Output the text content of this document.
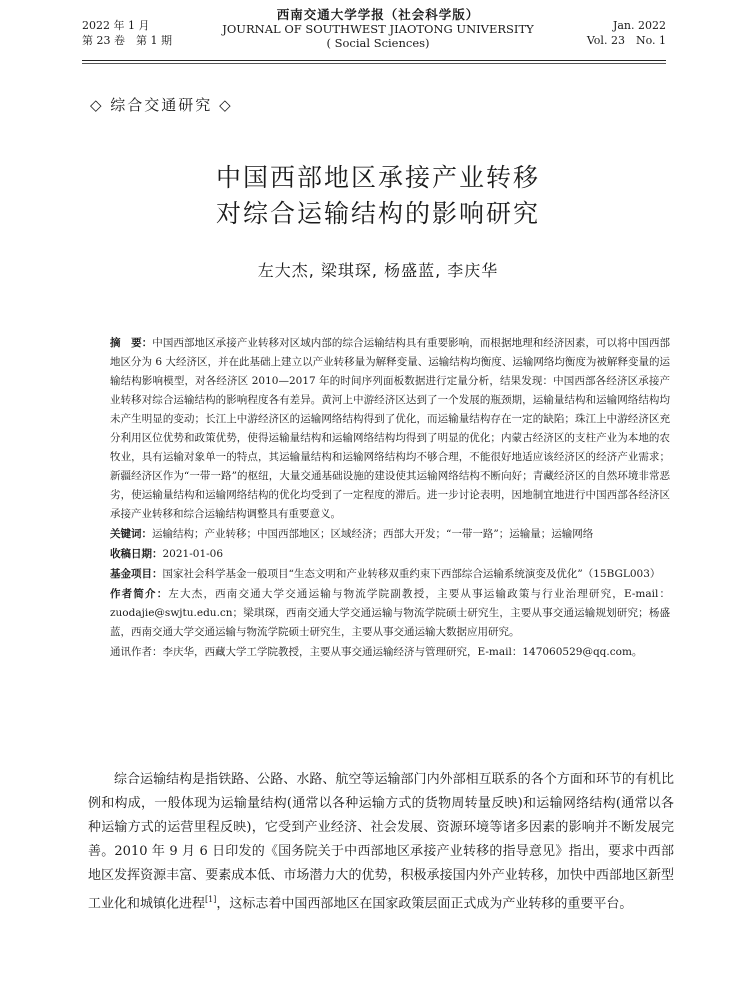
2022 年 1 月
第 23 卷　第 1 期
西南交通大学学报（社会科学版）
JOURNAL OF SOUTHWEST JIAOTONG UNIVERSITY
( Social Sciences)
Jan. 2022
Vol. 23　No. 1
◇ 综合交通研究 ◇
中国西部地区承接产业转移
对综合运输结构的影响研究
左大杰, 梁琪琛, 杨盛蓝, 李庆华

摘　要：中国西部地区承接产业转移对区域内部的综合运输结构具有重要影响，而根据地理和经济因素，可以将中国西部地区分为 6 大经济区，并在此基础上建立以产业转移量为解释变量、运输结构均衡度、运输网络均衡度为被解释变量的运输结构影响模型，对各经济区 2010—2017 年的时间序列面板数据进行定量分析，结果发现：中国西部各经济区承接产业转移对综合运输结构的影响程度各有差异。黄河上中游经济区达到了一个发展的瓶颈期，运输量结构和运输网络结构均未产生明显的变动；长江上中游经济区的运输网络结构得到了优化，而运输量结构存在一定的缺陷；珠江上中游经济区充分利用区位优势和政策优势，使得运输量结构和运输网络结构均得到了明显的优化；内蒙古经济区的支柱产业为本地的农牧业，具有运输对象单一的特点，其运输量结构和运输网络结构均不够合理，不能很好地适应该经济区的经济产业需求；新疆经济区作为“一带一路”的枢纽，大量交通基础设施的建设使其运输网络结构不断向好；青藏经济区的自然环境非常恶劣，使运输量结构和运输网络结构的优化均受到了一定程度的滞后。进一步讨论表明，因地制宜地进行中国西部各经济区承接产业转移和综合运输结构调整具有重要意义。

关键词：运输结构；产业转移；中国西部地区；区域经济；西部大开发；“一带一路”；运输量；运输网络

收稿日期：2021-01-06

基金项目：国家社会科学基金一般项目“生态文明和产业转移双重约束下西部综合运输系统演变及优化”（15BGL003）

作者简介：左大杰，西南交通大学交通运输与物流学院副教授，主要从事运输政策与行业治理研究，E-mail：zuodajie@swjtu.edu.cn；梁琪琛，西南交通大学交通运输与物流学院硕士研究生，主要从事交通运输规划研究；杨盛蓝，西南交通大学交通运输与物流学院硕士研究生，主要从事交通运输大数据应用研究。

通讯作者：李庆华，西藏大学工学院教授，主要从事交通运输经济与管理研究，E-mail：147060529@qq.com。

综合运输结构是指铁路、公路、水路、航空等运输部门内外部相互联系的各个方面和环节的有机比例和构成，一般体现为运输量结构(通常以各种运输方式的货物周转量反映)和运输网络结构(通常以各种运输方式的运营里程反映)，它受到产业经济、社会发展、资源环境等诸多因素的影响并不断发展完善。2010 年 9 月 6 日印发的《国务院关于中西部地区承接产业转移的指导意见》指出，要求中西部地区发挥资源丰富、要素成本低、市场潜力大的优势，积极承接国内外产业转移，加快中西部地区新型工业化和城镇化进程[1]，这标志着中国西部地区在国家政策层面正式成为产业转移的重要平台。
